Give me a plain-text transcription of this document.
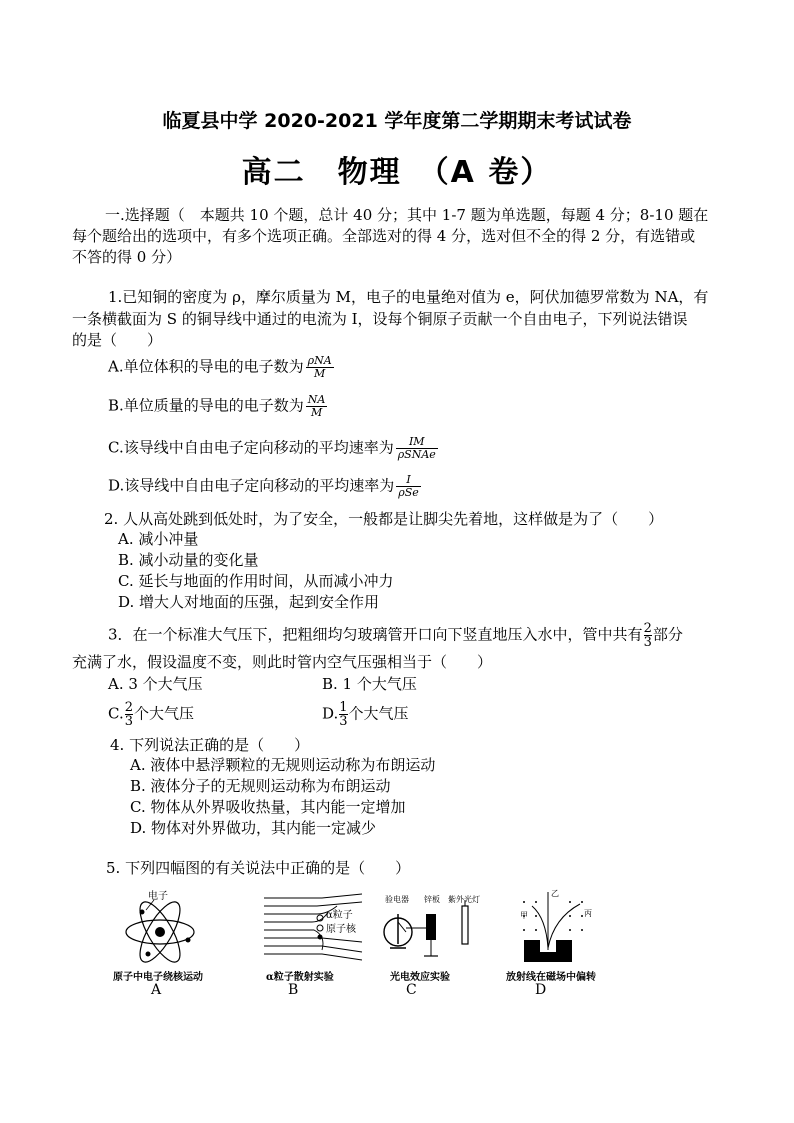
临夏县中学 2020-2021 学年度第二学期期末考试试卷
高二　物理　（A 卷）
一.选择题（　本题共 10 个题，总计 40 分；其中 1-7 题为单选题，每题 4 分；8-10 题在
每个题给出的选项中，有多个选项正确。全部选对的得 4 分，选对但不全的得 2 分，有选错或
不答的得 0 分）
1.已知铜的密度为 ρ，摩尔质量为 M，电子的电量绝对值为 e，阿伏加德罗常数为 NA，有
一条横截面为 S 的铜导线中通过的电流为 I，设每个铜原子贡献一个自由电子，下列说法错误
的是（　　）
A.单位体积的导电的电子数为 $\frac{\text{ρNA}}{M}$
B.单位质量的导电的电子数为 $\frac{NA}{M}$
C.该导线中自由电子定向移动的平均速率为 $\frac{IM}{\text{ρSNAe}}$
D.该导线中自由电子定向移动的平均速率为 $\frac{I}{\text{ρSe}}$
2. 人从高处跳到低处时，为了安全，一般都是让脚尖先着地，这样做是为了（　　）
A. 减小冲量
B. 减小动量的变化量
C. 延长与地面的作用时间，从而减小冲力
D. 增大人对地面的压强，起到安全作用
3．在一个标准大气压下，把粗细均匀玻璃管开口向下竖直地压入水中，管中共有 $\frac{2}{3}$ 部分
充满了水，假设温度不变，则此时管内空气压强相当于（　　）
A. 3 个大气压	B. 1 个大气压
C. $\frac{2}{3}$ 个大气压	D. $\frac{1}{3}$ 个大气压
4. 下列说法正确的是（　　）
A. 液体中悬浮颗粒的无规则运动称为布朗运动
B. 液体分子的无规则运动称为布朗运动
C. 物体从外界吸收热量，其内能一定增加
D. 物体对外界做功，其内能一定减少
5. 下列四幅图的有关说法中正确的是（　　）
电子
原子中电子绕核运动
A
α粒子
原子核
α粒子散射实验
B
验电器 锌板 紫外光灯
光电效应实验
C
甲
乙
丙
放射线在磁场中偏转
D
